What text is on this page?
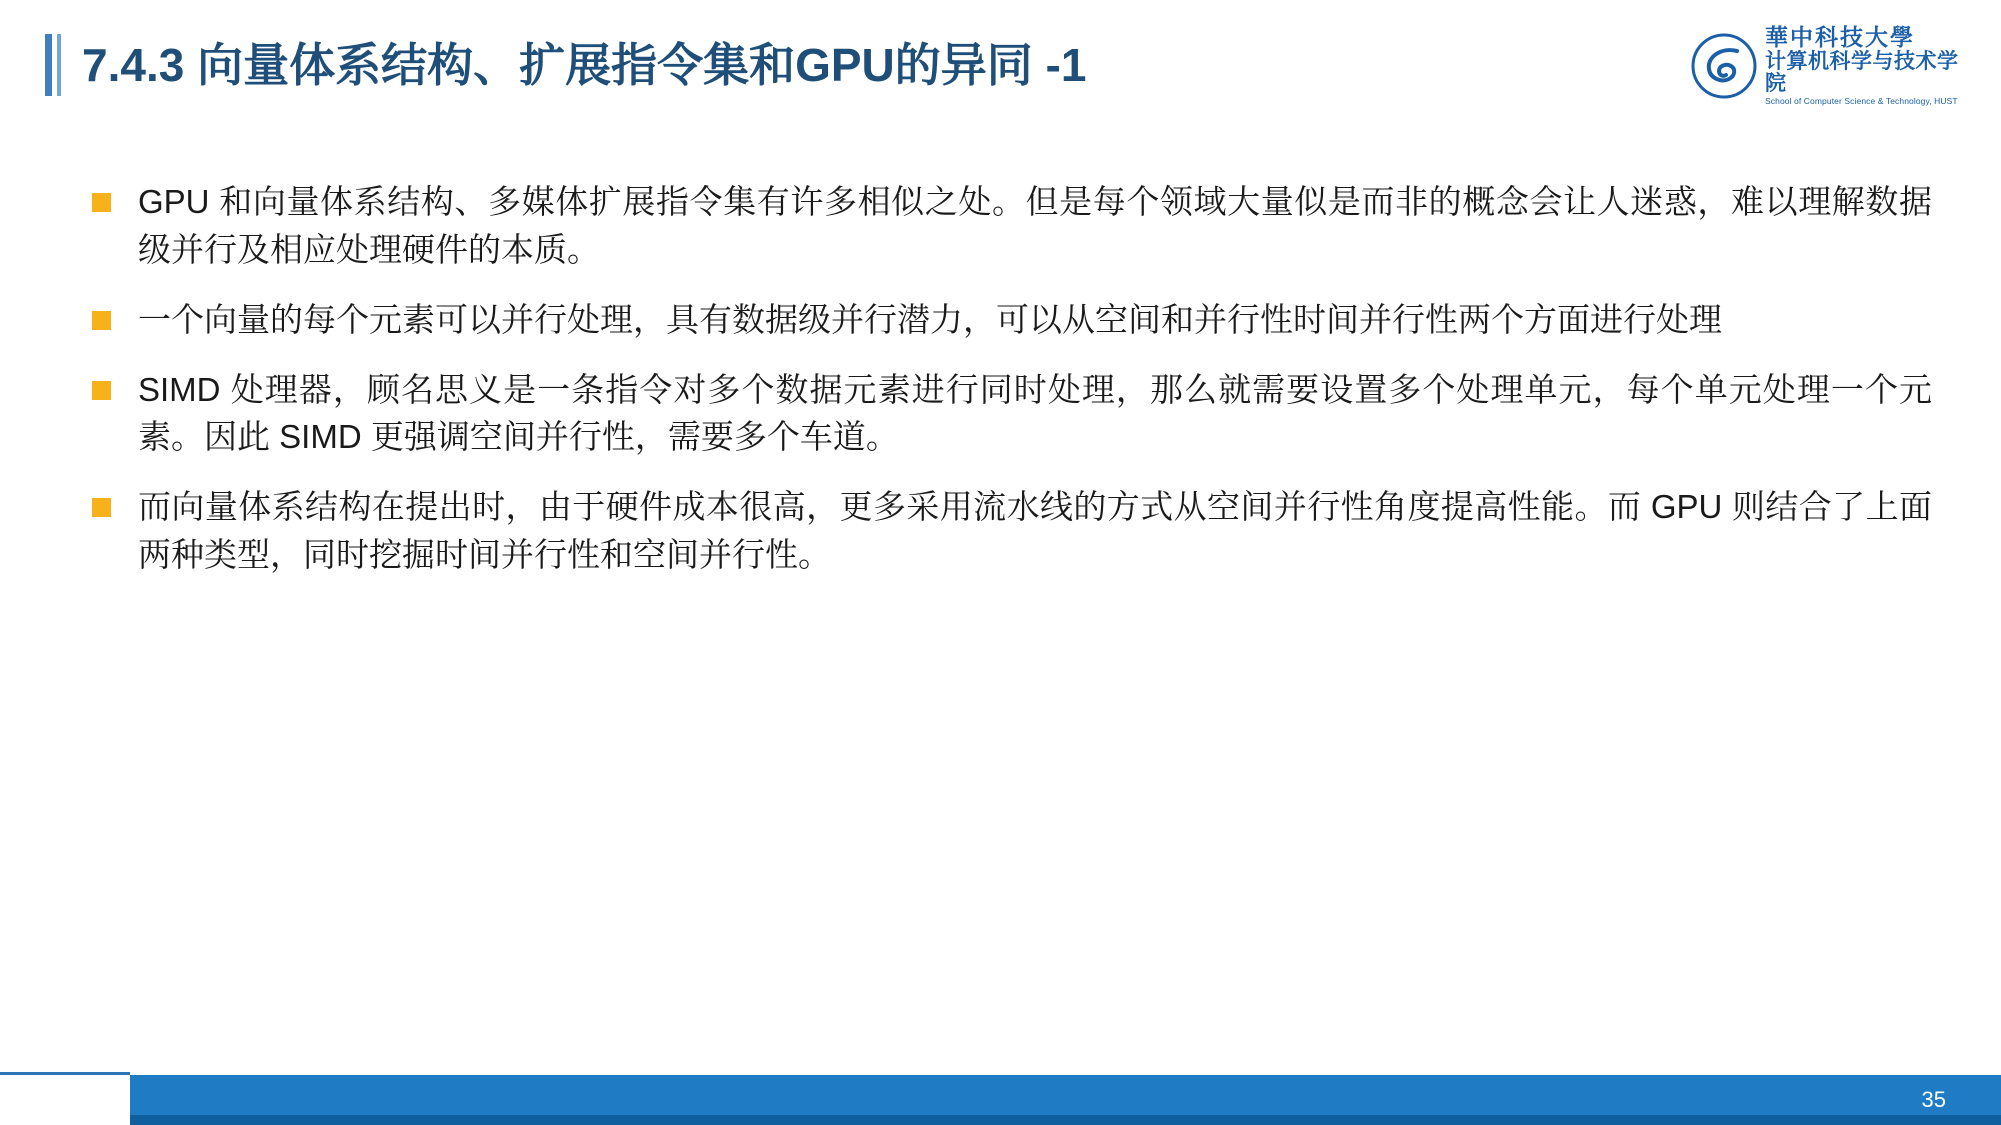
7.4.3 向量体系结构、扩展指令集和GPU的异同 -1
華中科技大學
计算机科学与技术学院
School of Computer Science & Technology, HUST
GPU 和向量体系结构、多媒体扩展指令集有许多相似之处。但是每个领域大量似是而非的概念会让人迷惑，难以理解数据级并行及相应处理硬件的本质。
一个向量的每个元素可以并行处理，具有数据级并行潜力，可以从空间和并行性时间并行性两个方面进行处理
SIMD 处理器，顾名思义是一条指令对多个数据元素进行同时处理，那么就需要设置多个处理单元，每个单元处理一个元素。因此 SIMD 更强调空间并行性，需要多个车道。
而向量体系结构在提出时，由于硬件成本很高，更多采用流水线的方式从空间并行性角度提高性能。而 GPU 则结合了上面两种类型，同时挖掘时间并行性和空间并行性。
35
